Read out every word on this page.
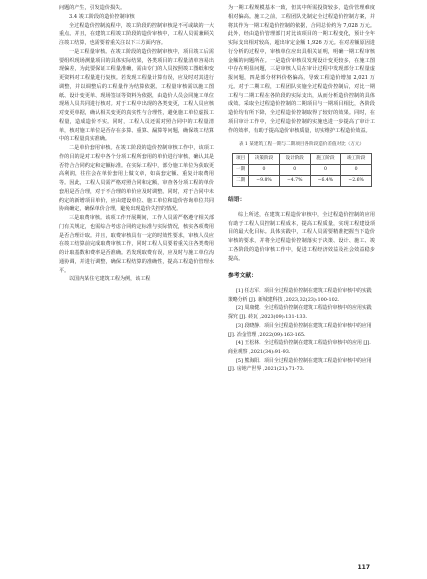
问题的产生，引发造价损失。

3.4 竣工阶段的造价控制审核

全过程造价控制流程中，竣工阶段的控制审核是不可或缺的一大重点。并且，在建筑工程竣工阶段的造价审核中，工程人员需兼顾关注竣工结算，也需要着重关注以下三方面内容。

一是工程量审核。在竣工阶段的造价控制审核中，项目竣工后需要组织现场测量项目的具体实际结果，各类项目的工程量清单容易出现偏差，为此要保证工程量准确，需由专门的人员按照竣工图纸和变更资料对工程量进行复核。若发现工程量计算有误，应及时对其进行调整，并以调整后的工程量作为结算依据。工程量审核需以施工图纸、设计变更单、现场签证等资料为依据，由造价人员会同施工单位现场人员共同进行核对。对于工程中出现的各类变更，工程人员应核对变更单据，确认相关变更的真实性与合理性，避免施工单位虚报工程量，造成造价不实。同时，工程人员还需对照合同中的工程量清单，核对施工单位是否存在多算、重算、漏算等问题，确保竣工结算中的工程量真实准确。

二是单价套用审核。在竣工阶段的造价控制审核工作中，该项工作的目的是对工程中各个分项工程所套用的单价进行审核，确认其是否符合合同约定和定额标准。在实际工程中，部分施工单位为获取更高利润，往往会在单价套用上做文章，如高套定额、重复计取费用等。因此，工程人员需严格对照合同和定额，审查各分项工程的单价套用是否合理，对于不合理的单价应及时调整。同时，对于合同中未约定的新增项目单价，应由建设单位、施工单位和造价咨询单位共同协商确定，确保单价合理，避免出现造价失控的情况。

三是取费审核。该项工作开展期间，工作人员需严格遵守相关部门有关规定，也需综合考虑合同约定标准与实际情况，核实各项费用是否合理计取。并且，取费审核具有一定的时效性要求，审核人员应在竣工结算前完成取费审核工作，同时工程人员要着重关注各类费用的计取基数和费率是否准确。若发现取费有误，应及时与施工单位沟通协调，并进行调整，确保工程结算的准确性，提高工程造价管理水平。

以国内某住宅建筑工程为例，该工程

为一期工程规模基本一致，但其中所需投资较多，造价管理难度相对偏高。施工之前，工程团队先制定全过程造价控制方案，并将其作为一期工程造价控制的依据，合同总价约为 7,028 万元。此外，经由造价管理部门对比该项目的一期工程变化，预计全年实际支出相对较高，超出审定金额 1,926 万元。在对差额原因进行分析的过程中，审核单位应出具相关证明，明确一期工程审核金额的问题所在。一是造价审核员发现设计变更较多，在施工图中存在明显问题，三是审核人员在审计过程中发现部分工程量虚报问题，四是部分材料价格偏高，导致工程造价增加 2,021 万元。对于二期工程，工程团队实施全过程造价控制后，对比一期工程与二期工程在各阶段的实际支出，从而分析造价控制的具体成效。采取全过程造价控制的二期项目与一期项目相比，各阶段造价均有所下降，全过程造价控制取得了较好的效果。同时，在项目审计工作中，全过程造价控制的实施也进一步提高了审计工作的效率，有助于提高造价审核质量，切实维护工程造价效益。

表 1 某建筑工程一期与二期项目各阶段造价差值对比（万元）
项目	决策阶段	设计阶段	施工阶段	竣工阶段
一期	0	0	0	0
二期	−9.8%	−4.7%	−6.4%	−2.6%
结语：

综上所述，在建筑工程造价审核中，全过程造价控制的应用有助于工程人员控制工程成本，提高工程质量，实现工程建设项目的最大化目标。具体实践中，工程人员需要精准把握当下造价审核的要求，并将全过程造价控制落实于决策、设计、施工、竣工各阶段的造价审核工作中，促进工程经济效益及社会效益稳步提高。

参考文献：

[1] 任志军．项目全过程造价控制在建筑工程造价审核中的实践策略分析 [J]. 新城建科技 ,2023,32(23):100-102.

[2] 周康健．全过程造价控制在建筑工程造价审核中的应用实践探究 [J]. 砖瓦 ,2023(09):131-133.

[3] 段晓静．项目全过程造价控制在建筑工程造价审核中的应用 [J]. 冶金管理 ,2022(09):163-165.

[4] 王松林．全过程造价控制在建筑工程造价审核中的应用 [J]. 商业观察 ,2021(34):91-93.

[5] 熊海阳．项目全过程造价控制在建筑工程造价审核中的应用 [J]. 房地产世界 ,2021(21):71-73.

117
